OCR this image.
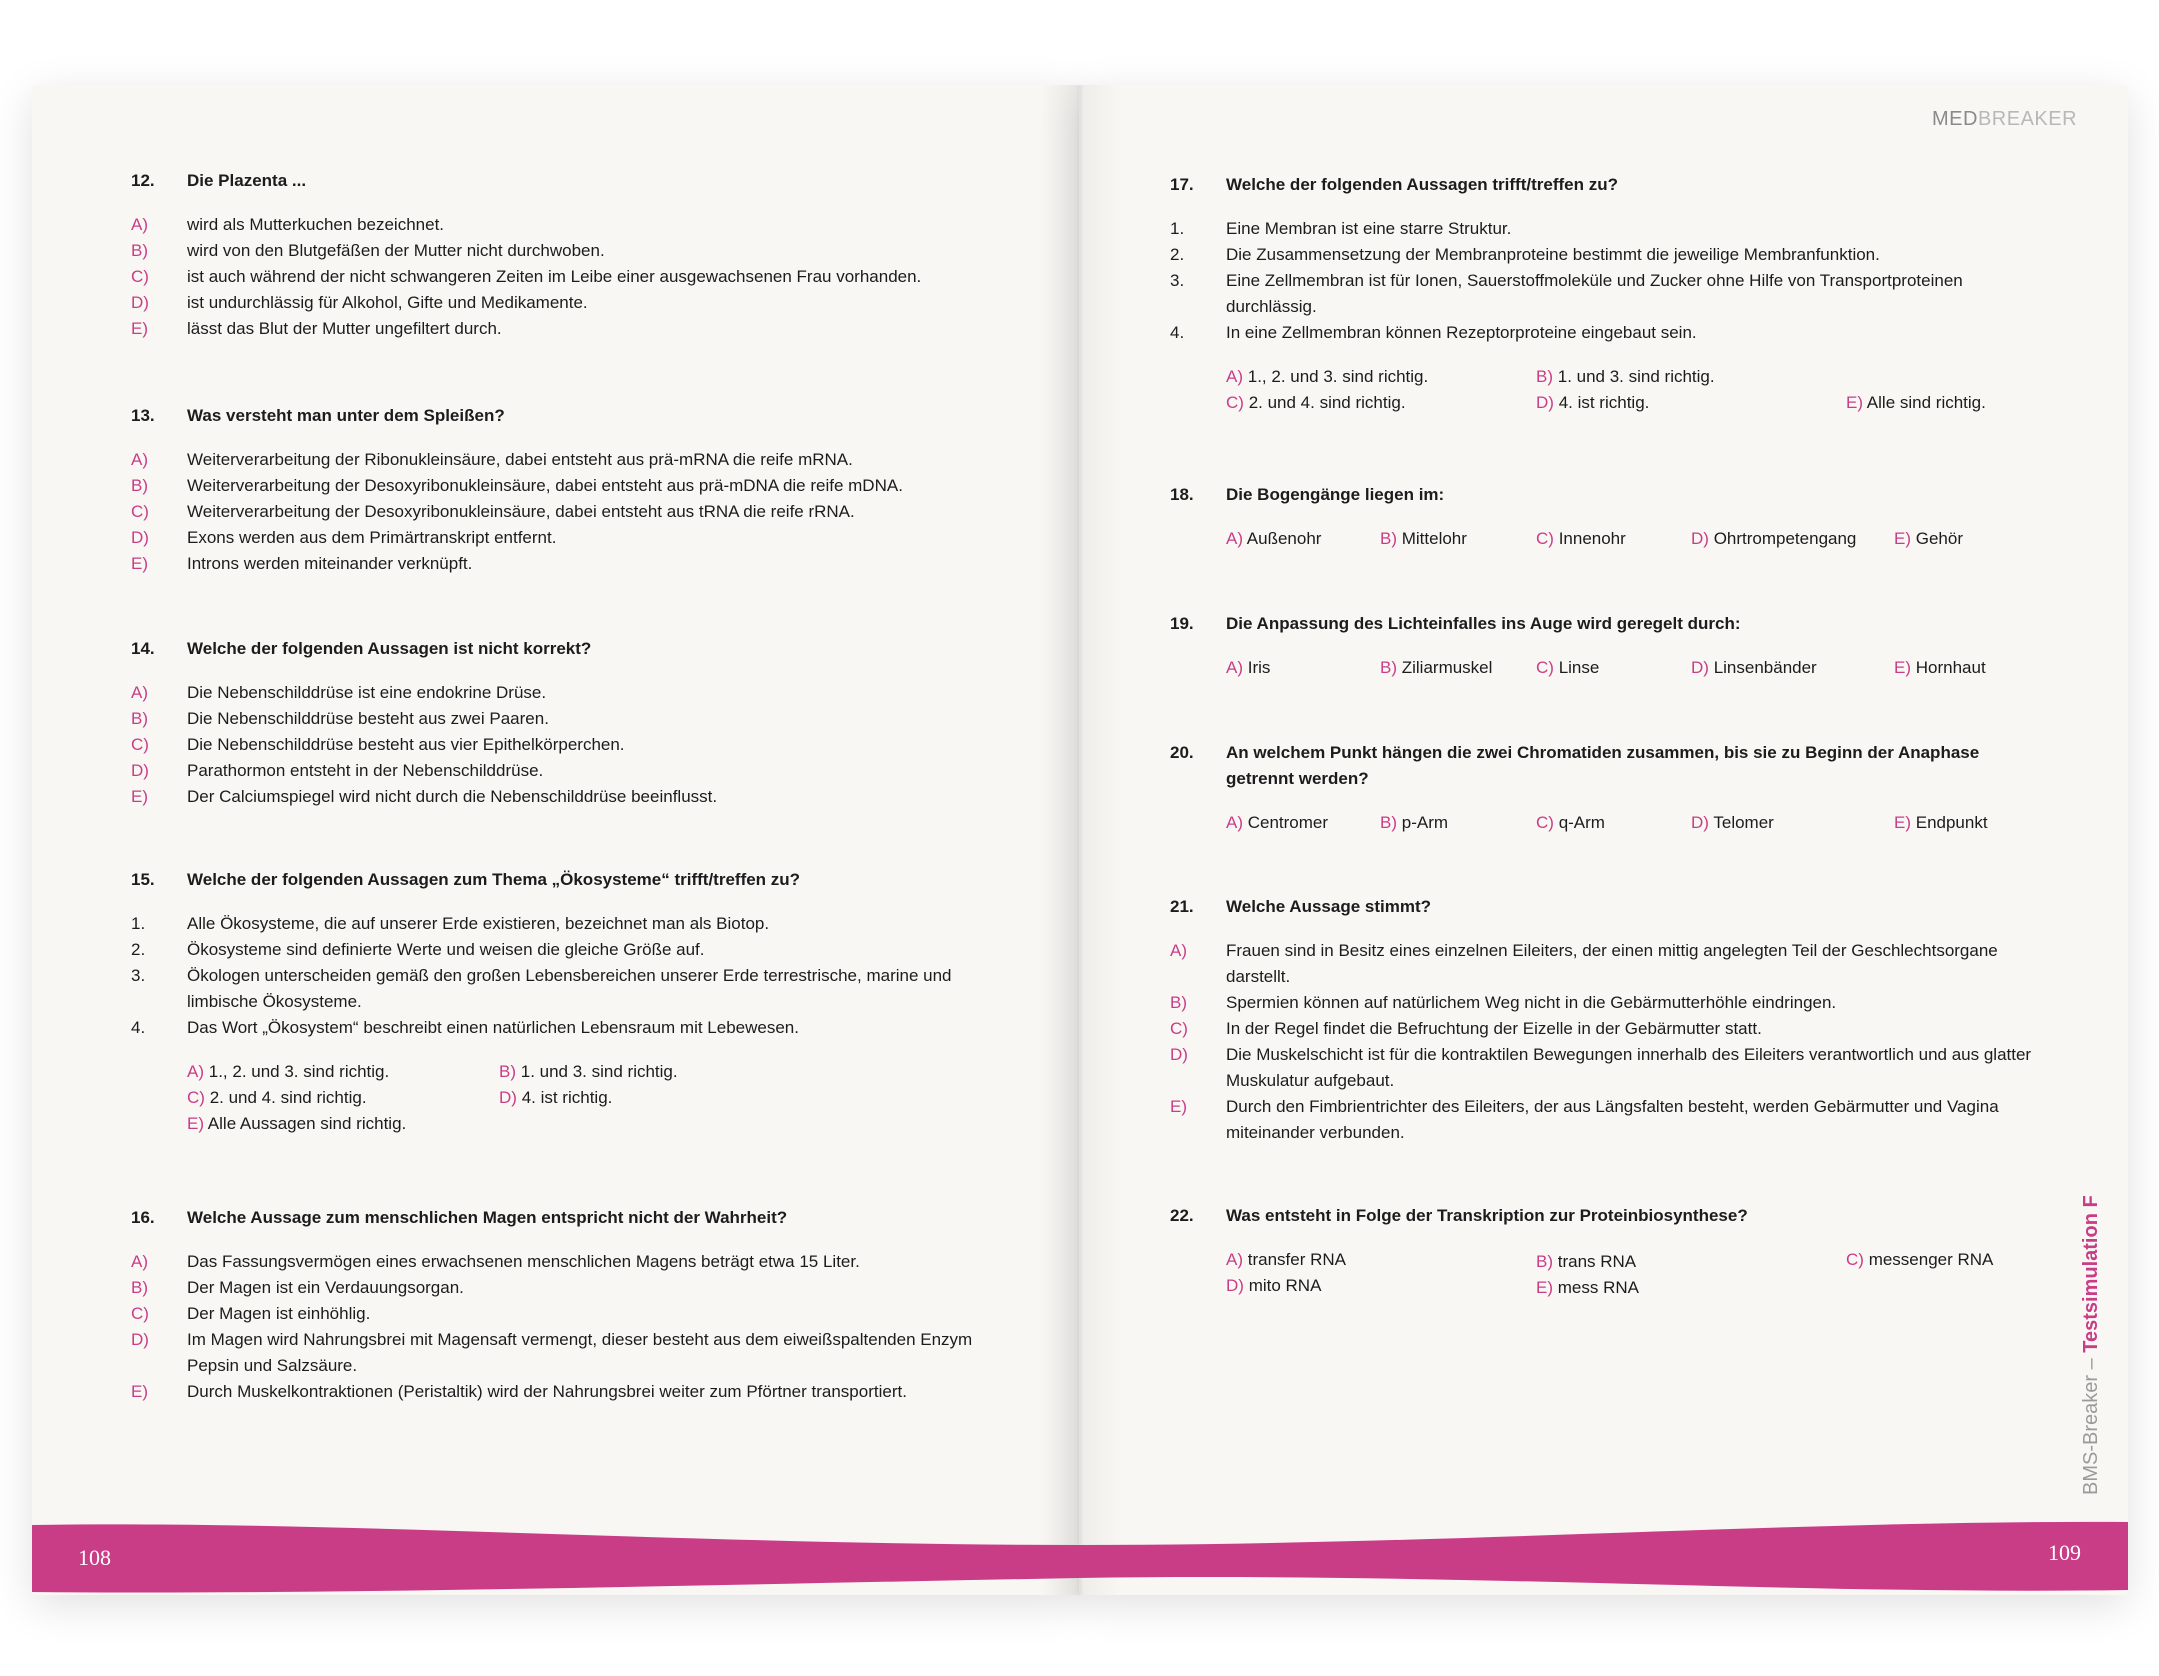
108	109
MEDBREAKER
BMS-Breaker – Testsimulation F
12.	Die Plazenta ...
A) wird als Mutterkuchen bezeichnet.
B) wird von den Blutgefäßen der Mutter nicht durchwoben.
C) ist auch während der nicht schwangeren Zeiten im Leibe einer ausgewachsenen Frau vorhanden.
D) ist undurchlässig für Alkohol, Gifte und Medikamente.
E) lässt das Blut der Mutter ungefiltert durch.
13.	Was versteht man unter dem Spleißen?
A) Weiterverarbeitung der Ribonukleinsäure, dabei entsteht aus prä-mRNA die reife mRNA.
B) Weiterverarbeitung der Desoxyribonukleinsäure, dabei entsteht aus prä-mDNA die reife mDNA.
C) Weiterverarbeitung der Desoxyribonukleinsäure, dabei entsteht aus tRNA die reife rRNA.
D) Exons werden aus dem Primärtranskript entfernt.
E) Introns werden miteinander verknüpft.
14.	Welche der folgenden Aussagen ist nicht korrekt?
A) Die Nebenschilddrüse ist eine endokrine Drüse.
B) Die Nebenschilddrüse besteht aus zwei Paaren.
C) Die Nebenschilddrüse besteht aus vier Epithelkörperchen.
D) Parathormon entsteht in der Nebenschilddrüse.
E) Der Calciumspiegel wird nicht durch die Nebenschilddrüse beeinflusst.
15.	Welche der folgenden Aussagen zum Thema „Ökosysteme“ trifft/treffen zu?
1. Alle Ökosysteme, die auf unserer Erde existieren, bezeichnet man als Biotop.
2. Ökosysteme sind definierte Werte und weisen die gleiche Größe auf.
3. Ökologen unterscheiden gemäß den großen Lebensbereichen unserer Erde terrestrische, marine und limbische Ökosysteme.
4. Das Wort „Ökosystem“ beschreibt einen natürlichen Lebensraum mit Lebewesen.
A) 1., 2. und 3. sind richtig.	B) 1. und 3. sind richtig.
C) 2. und 4. sind richtig.	D) 4. ist richtig.
E) Alle Aussagen sind richtig.
16.	Welche Aussage zum menschlichen Magen entspricht nicht der Wahrheit?
A) Das Fassungsvermögen eines erwachsenen menschlichen Magens beträgt etwa 15 Liter.
B) Der Magen ist ein Verdauungsorgan.
C) Der Magen ist einhöhlig.
D) Im Magen wird Nahrungsbrei mit Magensaft vermengt, dieser besteht aus dem eiweißspaltenden Enzym Pepsin und Salzsäure.
E) Durch Muskelkontraktionen (Peristaltik) wird der Nahrungsbrei weiter zum Pförtner transportiert.
17.	Welche der folgenden Aussagen trifft/treffen zu?
1. Eine Membran ist eine starre Struktur.
2. Die Zusammensetzung der Membranproteine bestimmt die jeweilige Membranfunktion.
3. Eine Zellmembran ist für Ionen, Sauerstoffmoleküle und Zucker ohne Hilfe von Transportproteinen durchlässig.
4. In eine Zellmembran können Rezeptorproteine eingebaut sein.
A) 1., 2. und 3. sind richtig.	B) 1. und 3. sind richtig.
C) 2. und 4. sind richtig.	D) 4. ist richtig.	E) Alle sind richtig.
18.	Die Bogengänge liegen im:
A) Außenohr	B) Mittelohr	C) Innenohr	D) Ohrtrompetengang E) Gehör
19.	Die Anpassung des Lichteinfalles ins Auge wird geregelt durch:
A) Iris	B) Ziliarmuskel	C) Linse	D) Linsenbänder	E) Hornhaut
20.	An welchem Punkt hängen die zwei Chromatiden zusammen, bis sie zu Beginn der Anaphase getrennt werden?
A) Centromer	B) p-Arm	C) q-Arm	D) Telomer	E) Endpunkt
21.	Welche Aussage stimmt?
A) Frauen sind in Besitz eines einzelnen Eileiters, der einen mittig angelegten Teil der Geschlechtsorgane darstellt.
B) Spermien können auf natürlichem Weg nicht in die Gebärmutterhöhle eindringen.
C) In der Regel findet die Befruchtung der Eizelle in der Gebärmutter statt.
D) Die Muskelschicht ist für die kontraktilen Bewegungen innerhalb des Eileiters verantwortlich und aus glatter Muskulatur aufgebaut.
E) Durch den Fimbrientrichter des Eileiters, der aus Längsfalten besteht, werden Gebärmutter und Vagina miteinander verbunden.
22.	Was entsteht in Folge der Transkription zur Proteinbiosynthese?
A) transfer RNA	B) trans RNA	C) messenger RNA
D) mito RNA	E) mess RNA
